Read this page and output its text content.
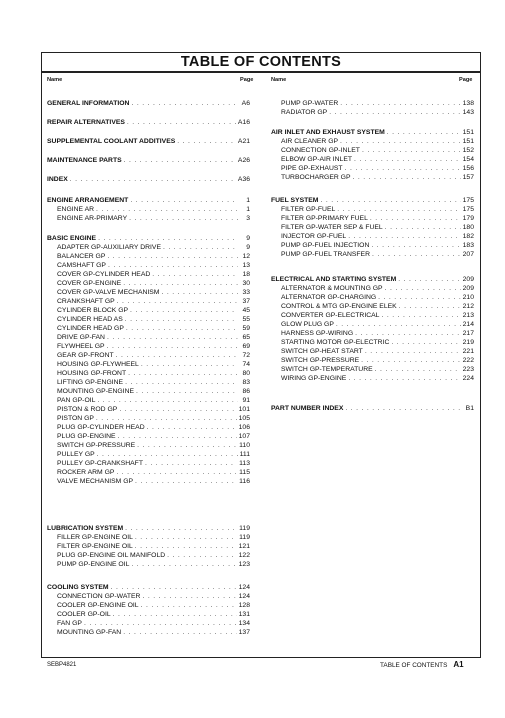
TABLE OF CONTENTS
Name	Page	Name	Page
GENERAL INFORMATION . . .	A6
REPAIR ALTERNATIVES . . .	A16
SUPPLEMENTAL COOLANT ADDITIVES . . .	A21
MAINTENANCE PARTS . . .	A26
INDEX . . .	A36
ENGINE ARRANGEMENT . . .	1
ENGINE AR . . .	1
ENGINE AR-PRIMARY . . .	3
BASIC ENGINE . . .	9
ADAPTER GP-AUXILIARY DRIVE . . .	9
BALANCER GP . . .	12
CAMSHAFT GP . . .	13
COVER GP-CYLINDER HEAD . . .	18
COVER GP-ENGINE . . .	30
COVER GP-VALVE MECHANISM . . .	33
CRANKSHAFT GP . . .	37
CYLINDER BLOCK GP . . .	45
CYLINDER HEAD AS . . .	55
CYLINDER HEAD GP . . .	59
DRIVE GP-FAN . . .	65
FLYWHEEL GP . . .	69
GEAR GP-FRONT . . .	72
HOUSING GP-FLYWHEEL . . .	74
HOUSING GP-FRONT . . .	80
LIFTING GP-ENGINE . . .	83
MOUNTING GP-ENGINE . . .	86
PAN GP-OIL . . .	91
PISTON & ROD GP . . .	101
PISTON GP . . .	105
PLUG GP-CYLINDER HEAD . . .	106
PLUG GP-ENGINE . . .	107
SWITCH GP-PRESSURE . . .	110
PULLEY GP . . .	111
PULLEY GP-CRANKSHAFT . . .	113
ROCKER ARM GP . . .	115
VALVE MECHANISM GP . . .	116
LUBRICATION SYSTEM . . .	119
FILLER GP-ENGINE OIL . . .	119
FILTER GP-ENGINE OIL . . .	121
PLUG GP-ENGINE OIL MANIFOLD . . .	122
PUMP GP-ENGINE OIL . . .	123
COOLING SYSTEM . . .	124
CONNECTION GP-WATER . . .	124
COOLER GP-ENGINE OIL . . .	128
COOLER GP-OIL . . .	131
FAN GP . . .	134
MOUNTING GP-FAN . . .	137
PUMP GP-WATER . . .	138
RADIATOR GP . . .	143
AIR INLET AND EXHAUST SYSTEM . . .	151
AIR CLEANER GP . . .	151
CONNECTION GP-INLET . . .	152
ELBOW GP-AIR INLET . . .	154
PIPE GP-EXHAUST . . .	156
TURBOCHARGER GP . . .	157
FUEL SYSTEM . . .	175
FILTER GP-FUEL . . .	175
FILTER GP-PRIMARY FUEL . . .	179
FILTER GP-WATER SEP & FUEL . . .	180
INJECTOR GP-FUEL . . .	182
PUMP GP-FUEL INJECTION . . .	183
PUMP GP-FUEL TRANSFER . . .	207
ELECTRICAL AND STARTING SYSTEM . . .	209
ALTERNATOR & MOUNTING GP . . .	209
ALTERNATOR GP-CHARGING . . .	210
CONTROL & MTG GP-ENGINE ELEK . . .	212
CONVERTER GP-ELECTRICAL . . .	213
GLOW PLUG GP . . .	214
HARNESS GP-WIRING . . .	217
STARTING MOTOR GP-ELECTRIC . . .	219
SWITCH GP-HEAT START . . .	221
SWITCH GP-PRESSURE . . .	222
SWITCH GP-TEMPERATURE . . .	223
WIRING GP-ENGINE . . .	224
PART NUMBER INDEX . . .	B1
SEBP4821	TABLE OF CONTENTS A1
